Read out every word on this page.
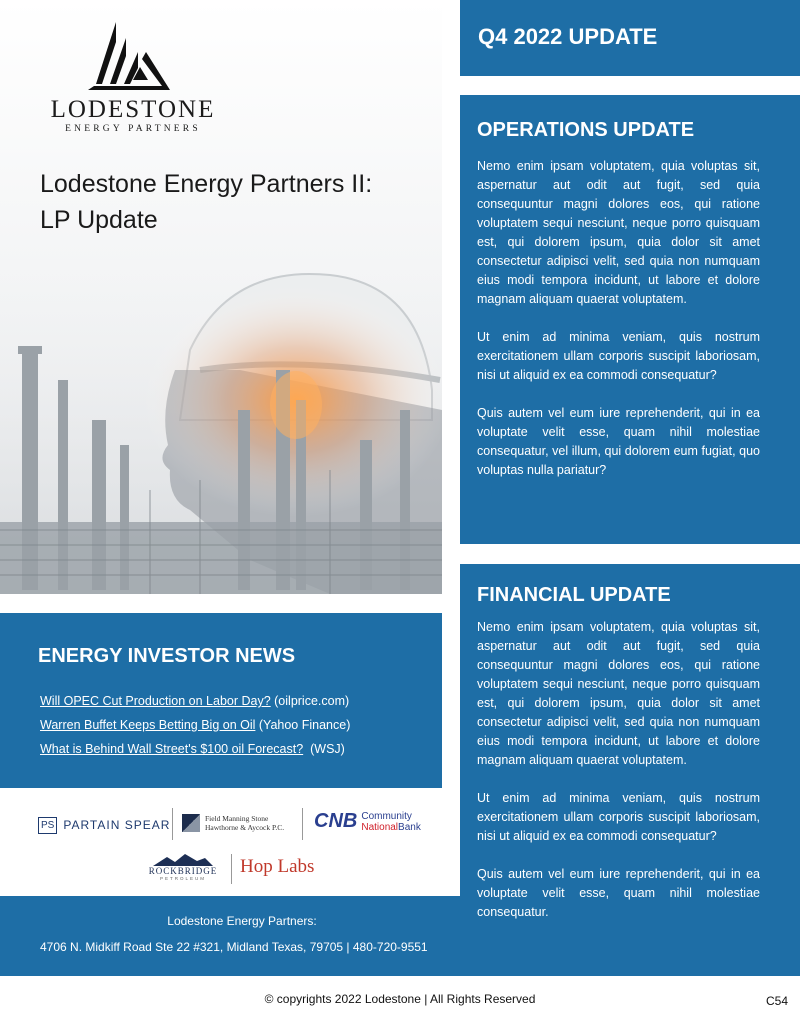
LODESTONE
ENERGY PARTNERS
Lodestone Energy Partners II:
LP Update
ENERGY INVESTOR NEWS
Will OPEC Cut Production on Labor Day? (oilprice.com)
Warren Buffet Keeps Betting Big on Oil (Yahoo Finance)
What is Behind Wall Street's $100 oil Forecast?  (WSJ)
PS PARTAIN SPEAR	Field Manning Stone
Hawthorne & Aycock P.C. CNB Community
NationalBank
ROCKBRIDGE
PETROLEUM
Hop Labs
Lodestone Energy Partners:
4706 N. Midkiff Road Ste 22 #321, Midland Texas, 79705 | 480-720-9551
Q4 2022 UPDATE
OPERATIONS UPDATE

Nemo enim ipsam voluptatem, quia voluptas sit, aspernatur aut odit aut fugit, sed quia consequuntur magni dolores eos, qui ratione voluptatem sequi nesciunt, neque porro quisquam est, qui dolorem ipsum, quia dolor sit amet consectetur adipisci velit, sed quia non numquam eius modi tempora incidunt, ut labore et dolore magnam aliquam quaerat voluptatem.

Ut enim ad minima veniam, quis nostrum exercitationem ullam corporis suscipit laboriosam, nisi ut aliquid ex ea commodi consequatur?

Quis autem vel eum iure reprehenderit, qui in ea voluptate velit esse, quam nihil molestiae consequatur, vel illum, qui dolorem eum fugiat, quo voluptas nulla pariatur?

FINANCIAL UPDATE

Nemo enim ipsam voluptatem, quia voluptas sit, aspernatur aut odit aut fugit, sed quia consequuntur magni dolores eos, qui ratione voluptatem sequi nesciunt, neque porro quisquam est, qui dolorem ipsum, quia dolor sit amet consectetur adipisci velit, sed quia non numquam eius modi tempora incidunt, ut labore et dolore magnam aliquam quaerat voluptatem.

Ut enim ad minima veniam, quis nostrum exercitationem ullam corporis suscipit laboriosam, nisi ut aliquid ex ea commodi consequatur?

Quis autem vel eum iure reprehenderit, qui in ea voluptate velit esse, quam nihil molestiae consequatur.

© copyrights 2022 Lodestone | All Rights Reserved	C54
